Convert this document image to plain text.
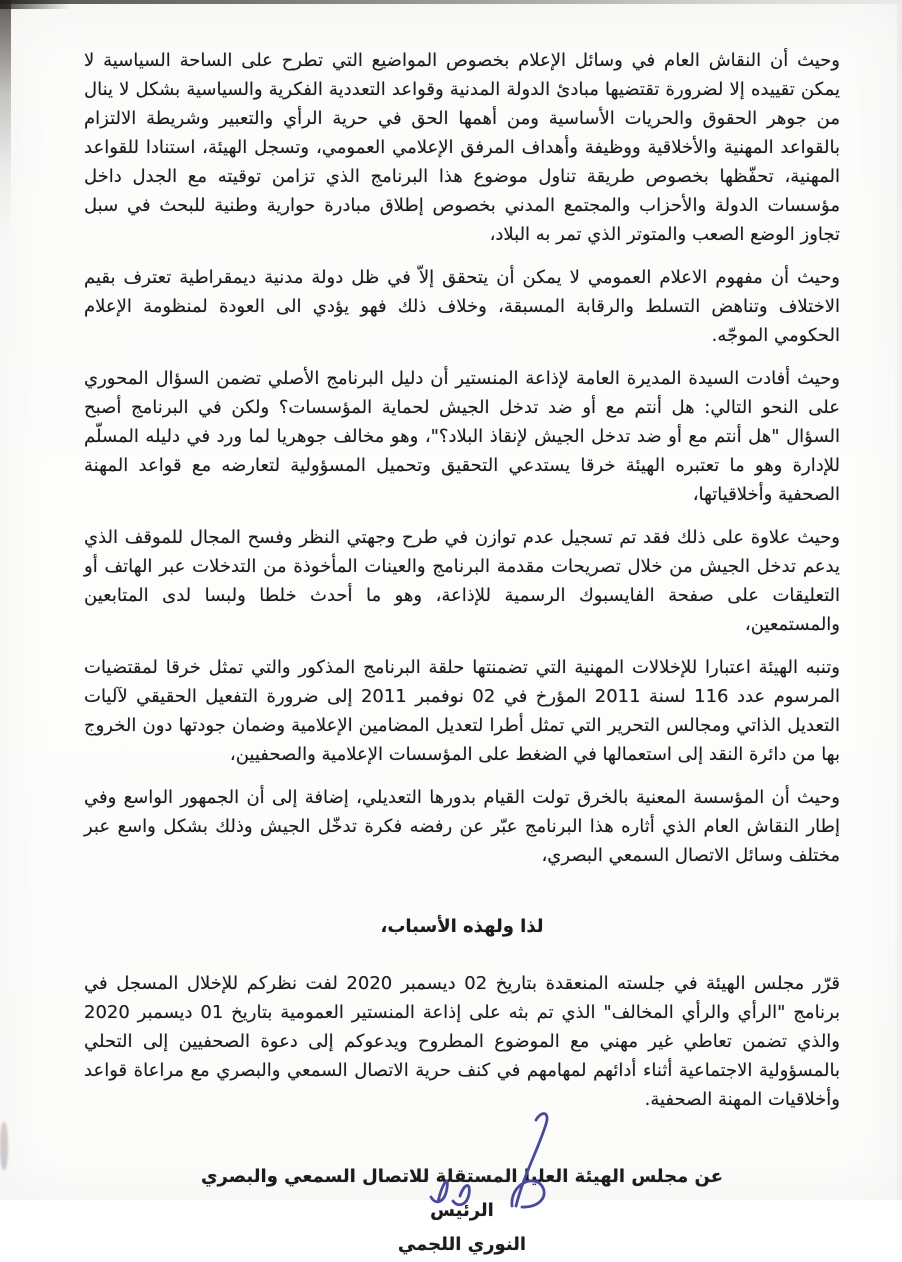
وحيث أن النقاش العام في وسائل الإعلام بخصوص المواضيع التي تطرح على الساحة السياسية لا يمكن تقييده إلا لضرورة تقتضيها مبادئ الدولة المدنية وقواعد التعددية الفكرية والسياسية بشكل لا ينال من جوهر الحقوق والحريات الأساسية ومن أهمها الحق في حرية الرأي والتعبير وشريطة الالتزام بالقواعد المهنية والأخلاقية ووظيفة وأهداف المرفق الإعلامي العمومي، وتسجل الهيئة، استنادا للقواعد المهنية، تحفّظها بخصوص طريقة تناول موضوع هذا البرنامج الذي تزامن توقيته مع الجدل داخل مؤسسات الدولة والأحزاب والمجتمع المدني بخصوص إطلاق مبادرة حوارية وطنية للبحث في سبل تجاوز الوضع الصعب والمتوتر الذي تمر به البلاد،

وحيث أن مفهوم الاعلام العمومي لا يمكن أن يتحقق إلاّ في ظل دولة مدنية ديمقراطية تعترف بقيم الاختلاف وتناهض التسلط والرقابة المسبقة، وخلاف ذلك فهو يؤدي الى العودة لمنظومة الإعلام الحكومي الموجّه.

وحيث أفادت السيدة المديرة العامة لإذاعة المنستير أن دليل البرنامج الأصلي تضمن السؤال المحوري على النحو التالي: هل أنتم مع أو ضد تدخل الجيش لحماية المؤسسات؟ ولكن في البرنامج أصبح السؤال "هل أنتم مع أو ضد تدخل الجيش لإنقاذ البلاد؟"، وهو مخالف جوهريا لما ورد في دليله المسلّم للإدارة وهو ما تعتبره الهيئة خرقا يستدعي التحقيق وتحميل المسؤولية لتعارضه مع قواعد المهنة الصحفية وأخلاقياتها،

وحيث علاوة على ذلك فقد تم تسجيل عدم توازن في طرح وجهتي النظر وفسح المجال للموقف الذي يدعم تدخل الجيش من خلال تصريحات مقدمة البرنامج والعينات المأخوذة من التدخلات عبر الهاتف أو التعليقات على صفحة الفايسبوك الرسمية للإذاعة، وهو ما أحدث خلطا ولبسا لدى المتابعين والمستمعين،

وتنبه الهيئة اعتبارا للإخلالات المهنية التي تضمنتها حلقة البرنامج المذكور والتي تمثل خرقا لمقتضيات المرسوم عدد 116 لسنة 2011 المؤرخ في 02 نوفمبر 2011 إلى ضرورة التفعيل الحقيقي لآليات التعديل الذاتي ومجالس التحرير التي تمثل أطرا لتعديل المضامين الإعلامية وضمان جودتها دون الخروج بها من دائرة النقد إلى استعمالها في الضغط على المؤسسات الإعلامية والصحفيين،

وحيث أن المؤسسة المعنية بالخرق تولت القيام بدورها التعديلي، إضافة إلى أن الجمهور الواسع وفي إطار النقاش العام الذي أثاره هذا البرنامج عبّر عن رفضه فكرة تدخّل الجيش وذلك بشكل واسع عبر مختلف وسائل الاتصال السمعي البصري،

لذا ولهذه الأسباب،

قرّر مجلس الهيئة في جلسته المنعقدة بتاريخ 02 ديسمبر 2020 لفت نظركم للإخلال المسجل في برنامج "الرأي والرأي المخالف" الذي تم بثه على إذاعة المنستير العمومية بتاريخ 01 ديسمبر 2020 والذي تضمن تعاطي غير مهني مع الموضوع المطروح ويدعوكم إلى دعوة الصحفيين إلى التحلي بالمسؤولية الاجتماعية أثناء أدائهم لمهامهم في كنف حرية الاتصال السمعي والبصري مع مراعاة قواعد وأخلاقيات المهنة الصحفية.

عن مجلس الهيئة العليا المستقلة للاتصال السمعي والبصري
الرئيس
النوري اللجمي
